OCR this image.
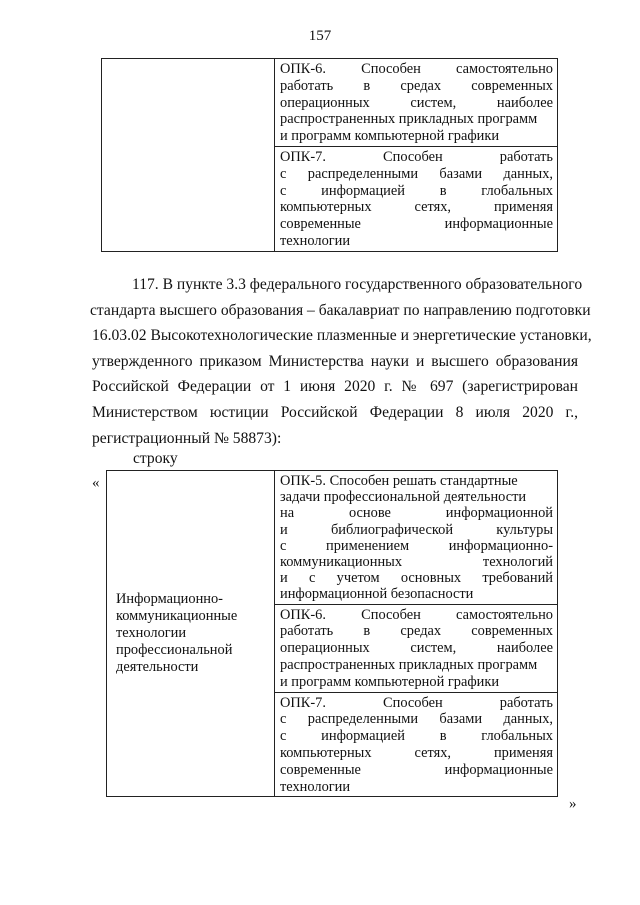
157

ОПК-6. Способен самостоятельно
работать в средах современных
операционных систем, наиболее
распространенных прикладных программ
и программ компьютерной графики

ОПК-7. Способен работать
с распределенными базами данных,
с информацией в глобальных
компьютерных сетях, применяя
современные информационные
технологии
117. В пункте 3.3 федерального государственного образовательного
стандарта высшего образования – бакалавриат по направлению подготовки
16.03.02 Высокотехнологические плазменные и энергетические установки,
утвержденного приказом Министерства науки и высшего образования
Российской Федерации от 1 июня 2020 г. № 697 (зарегистрирован
Министерством юстиции Российской Федерации 8 июля 2020 г.,
регистрационный № 58873):
строку
«
Информационно-
коммуникационные
технологии
профессиональной
деятельности

ОПК-5. Способен решать стандартные
задачи профессиональной деятельности
на основе информационной
и библиографической культуры
с применением информационно-
коммуникационных технологий
и с учетом основных требований
информационной безопасности

ОПК-6. Способен самостоятельно
работать в средах современных
операционных систем, наиболее
распространенных прикладных программ
и программ компьютерной графики

ОПК-7. Способен работать
с распределенными базами данных,
с информацией в глобальных
компьютерных сетях, применяя
современные информационные
технологии
»
